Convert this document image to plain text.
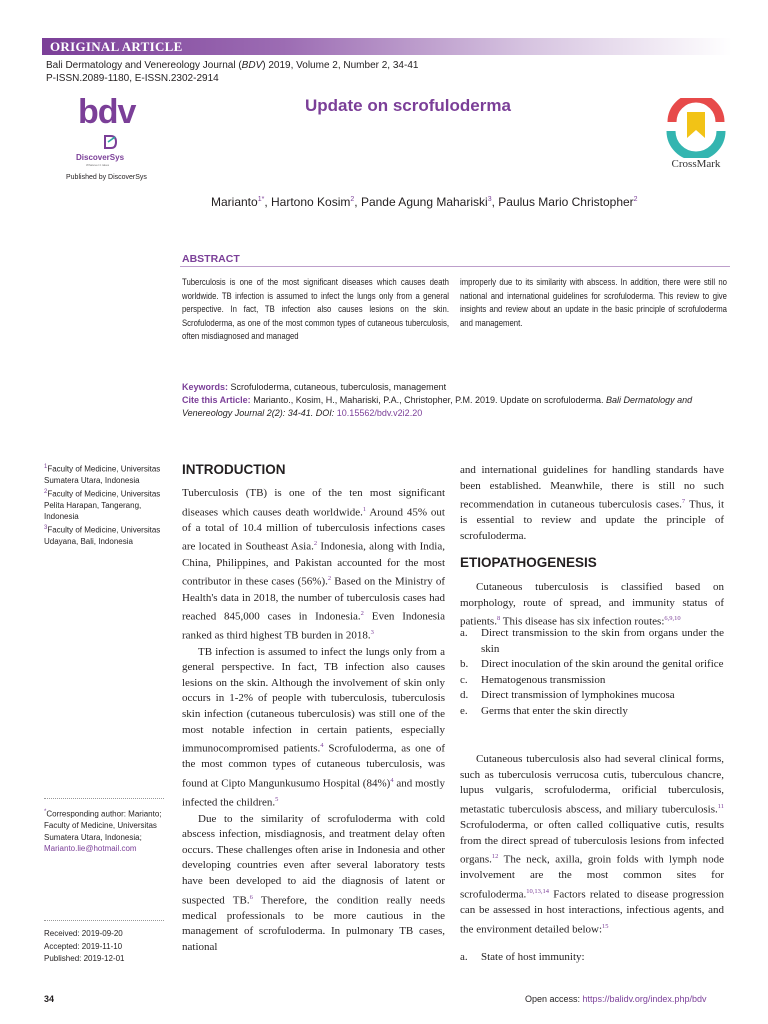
ORIGINAL ARTICLE
Bali Dermatology and Venereology Journal (BDV) 2019, Volume 2, Number 2, 34-41
P-ISSN.2089-1180, E-ISSN.2302-2914
bdv
DiscoverSys
Whatever it takes
Published by DiscoverSys
Update on scrofuloderma
CrossMark
Marianto$^{1*}$, Hartono Kosim$^2$, Pande Agung Mahariski$^3$, Paulus Mario Christopher$^2$
ABSTRACT

Tuberculosis is one of the most significant diseases which causes death worldwide. TB infection is assumed to infect the lungs only from a general perspective. In fact, TB infection also causes lesions on the skin. Scrofuloderma, as one of the most common types of cutaneous tuberculosis, often misdiagnosed and managed

improperly due to its similarity with abscess. In addition, there were still no national and international guidelines for scrofuloderma. This review to give insights and review about an update in the basic principle of scrofuloderma and management.

Keywords: Scrofuloderma, cutaneous, tuberculosis, management
Cite this Article: Marianto., Kosim, H., Mahariski, P.A., Christopher, P.M. 2019. Update on scrofuloderma. Bali Dermatology and Venereology Journal 2(2): 34-41. DOI: 10.15562/bdv.v2i2.20

$^1$Faculty of Medicine, Universitas Sumatera Utara, Indonesia

$^2$Faculty of Medicine, Universitas Pelita Harapan, Tangerang, Indonesia

$^3$Faculty of Medicine, Universitas Udayana, Bali, Indonesia

*Corresponding author: Marianto; Faculty of Medicine, Universitas Sumatera Utara, Indonesia;
Marianto.lie@hotmail.com
Received: 2019-09-20
Accepted: 2019-11-10
Published: 2019-12-01
INTRODUCTION

Tuberculosis (TB) is one of the ten most significant diseases which causes death worldwide.$^1$ Around 45% out of a total of 10.4 million of tuberculosis infections cases are located in Southeast Asia.$^2$ Indonesia, along with India, China, Philippines, and Pakistan accounted for the most contributor in these cases (56%).$^2$ Based on the Ministry of Health's data in 2018, the number of tuberculosis cases had reached 845,000 cases in Indonesia.$^2$ Even Indonesia ranked as third highest TB burden in 2018.$^3$

TB infection is assumed to infect the lungs only from a general perspective. In fact, TB infection also causes lesions on the skin. Although the involvement of skin only occurs in 1-2% of people with tuberculosis, tuberculosis skin infection (cutaneous tuberculosis) was still one of the most notable infection in certain patients, especially immunocompromised patients.$^4$ Scrofuloderma, as one of the most common types of cutaneous tuberculosis, was found at Cipto Mangunkusumo Hospital $(84\%)^4$ and mostly infected the children.$^5$

Due to the similarity of scrofuloderma with cold abscess infection, misdiagnosis, and treatment delay often occurs. These challenges often arise in Indonesia and other developing countries even after several laboratory tests have been developed to aid the diagnosis of latent or suspected TB.$^6$ Therefore, the condition really needs medical professionals to be more cautious in the management of scrofuloderma. In pulmonary TB cases, national

and international guidelines for handling standards have been established. Meanwhile, there is still no such recommendation in cutaneous tuberculosis cases.$^7$ Thus, it is essential to review and update the principle of scrofuloderma.

ETIOPATHOGENESIS

Cutaneous tuberculosis is classified based on morphology, route of spread, and immunity status of patients.$^8$ This disease has six infection routes:$^{6,9,10}$

a. Direct transmission to the skin from organs under the skin
b. Direct inoculation of the skin around the genital orifice
c. Hematogenous transmission
d. Direct transmission of lymphokines mucosa
e. Germs that enter the skin directly

Cutaneous tuberculosis also had several clinical forms, such as tuberculosis verrucosa cutis, tuberculous chancre, lupus vulgaris, scrofuloderma, orificial tuberculosis, metastatic tuberculosis abscess, and miliary tuberculosis.$^{11}$ Scrofuloderma, or often called colliquative cutis, results from the direct spread of tuberculosis lesions from infected organs.$^{12}$ The neck, axilla, groin folds with lymph node involvement are the most common sites for scrofuloderma.$^{10,13,14}$ Factors related to disease progression can be assessed in host interactions, infectious agents, and the environment detailed below:$^{15}$

a. State of host immunity:
34	Open access: https://balidv.org/index.php/bdv
